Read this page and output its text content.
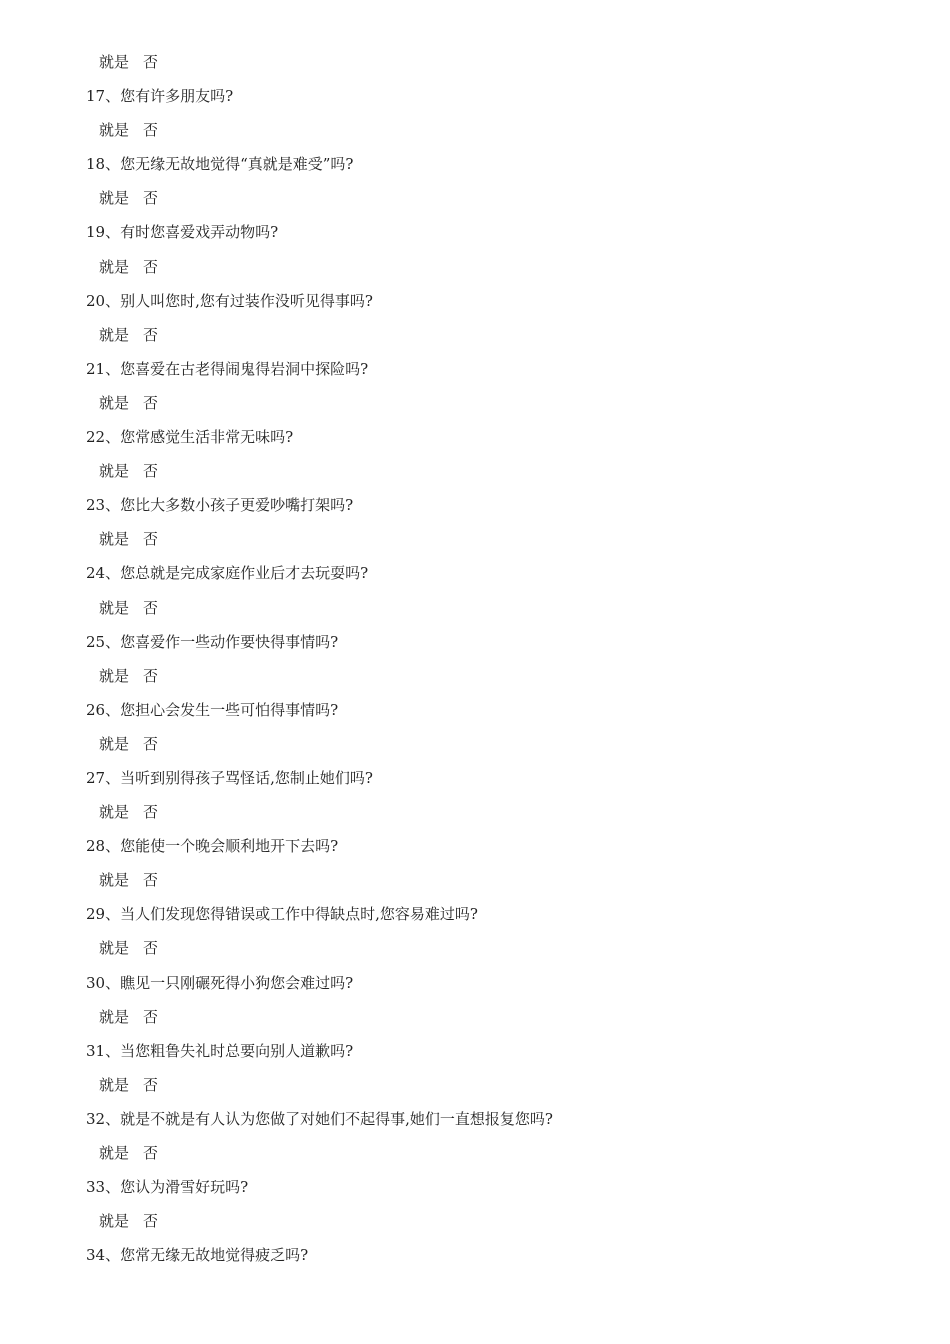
就是 否
17、您有许多朋友吗?
就是 否
18、您无缘无故地觉得“真就是难受”吗?
就是 否
19、有时您喜爱戏弄动物吗?
就是 否
20、别人叫您时,您有过装作没听见得事吗?
就是 否
21、您喜爱在古老得闹鬼得岩洞中探险吗?
就是 否
22、您常感觉生活非常无味吗?
就是 否
23、您比大多数小孩子更爱吵嘴打架吗?
就是 否
24、您总就是完成家庭作业后才去玩耍吗?
就是 否
25、您喜爱作一些动作要快得事情吗?
就是 否
26、您担心会发生一些可怕得事情吗?
就是 否
27、当听到别得孩子骂怪话,您制止她们吗?
就是 否
28、您能使一个晚会顺利地开下去吗?
就是 否
29、当人们发现您得错误或工作中得缺点时,您容易难过吗?
就是 否
30、瞧见一只刚碾死得小狗您会难过吗?
就是 否
31、当您粗鲁失礼时总要向别人道歉吗?
就是 否
32、就是不就是有人认为您做了对她们不起得事,她们一直想报复您吗?
就是 否
33、您认为滑雪好玩吗?
就是 否
34、您常无缘无故地觉得疲乏吗?
